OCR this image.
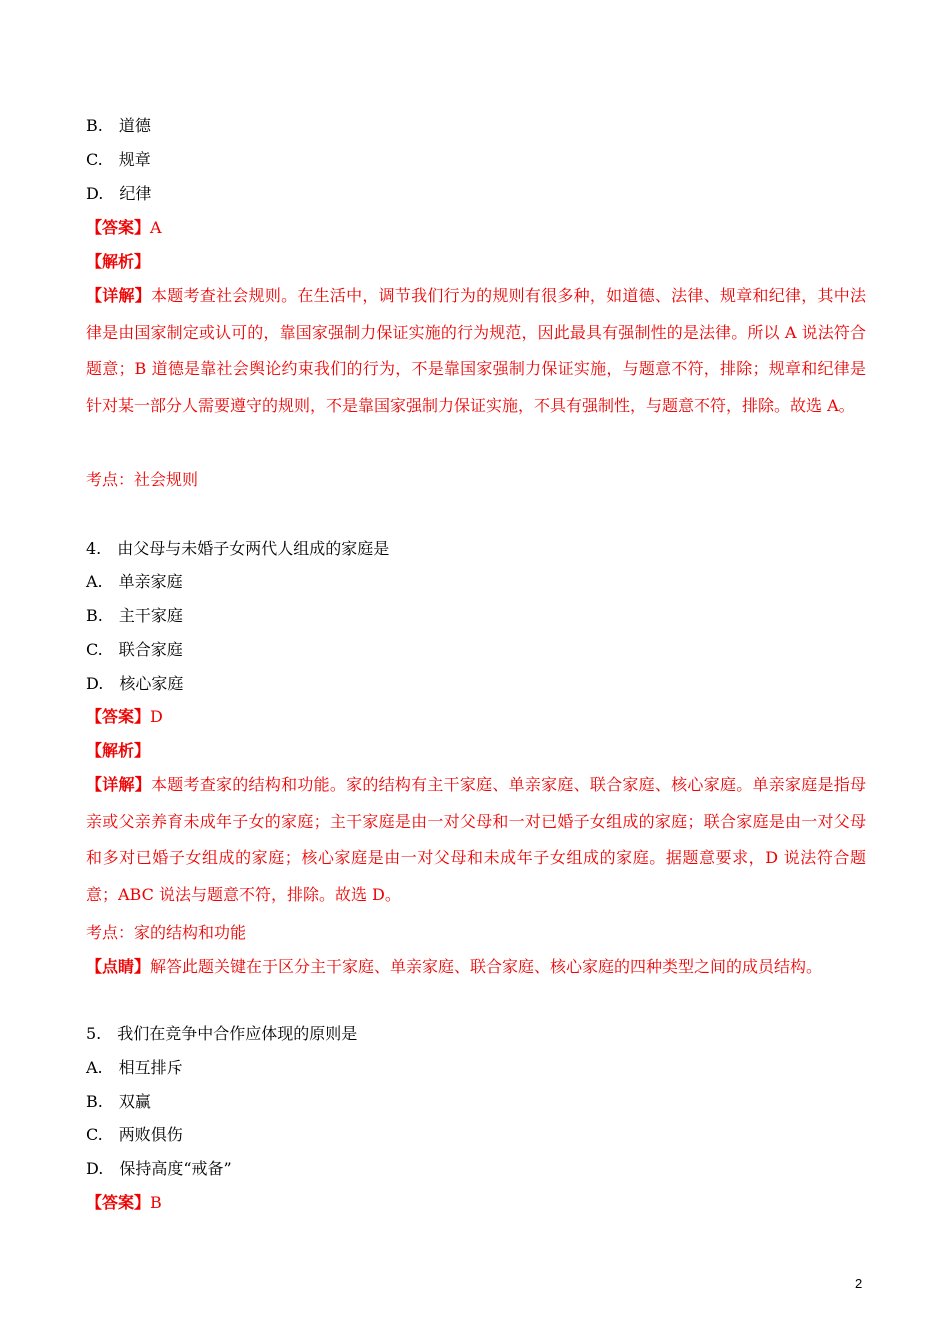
B.　道德
C.　规章
D.　纪律
【答案】A
【解析】
【详解】本题考查社会规则。在生活中，调节我们行为的规则有很多种，如道德、法律、规章和纪律，其中法律是由国家制定或认可的，靠国家强制力保证实施的行为规范，因此最具有强制性的是法律。所以 A 说法符合题意；B 道德是靠社会舆论约束我们的行为，不是靠国家强制力保证实施，与题意不符，排除；规章和纪律是针对某一部分人需要遵守的规则，不是靠国家强制力保证实施，不具有强制性，与题意不符，排除。故选 A。
考点：社会规则
4.　由父母与未婚子女两代人组成的家庭是
A.　单亲家庭
B.　主干家庭
C.　联合家庭
D.　核心家庭
【答案】D
【解析】
【详解】本题考查家的结构和功能。家的结构有主干家庭、单亲家庭、联合家庭、核心家庭。单亲家庭是指母亲或父亲养育未成年子女的家庭；主干家庭是由一对父母和一对已婚子女组成的家庭；联合家庭是由一对父母和多对已婚子女组成的家庭；核心家庭是由一对父母和未成年子女组成的家庭。据题意要求，D 说法符合题意；ABC 说法与题意不符，排除。故选 D。
考点：家的结构和功能
【点睛】解答此题关键在于区分主干家庭、单亲家庭、联合家庭、核心家庭的四种类型之间的成员结构。
5.　我们在竞争中合作应体现的原则是
A.　相互排斥
B.　双赢
C.　两败俱伤
D.　保持高度“戒备”
【答案】B
2
